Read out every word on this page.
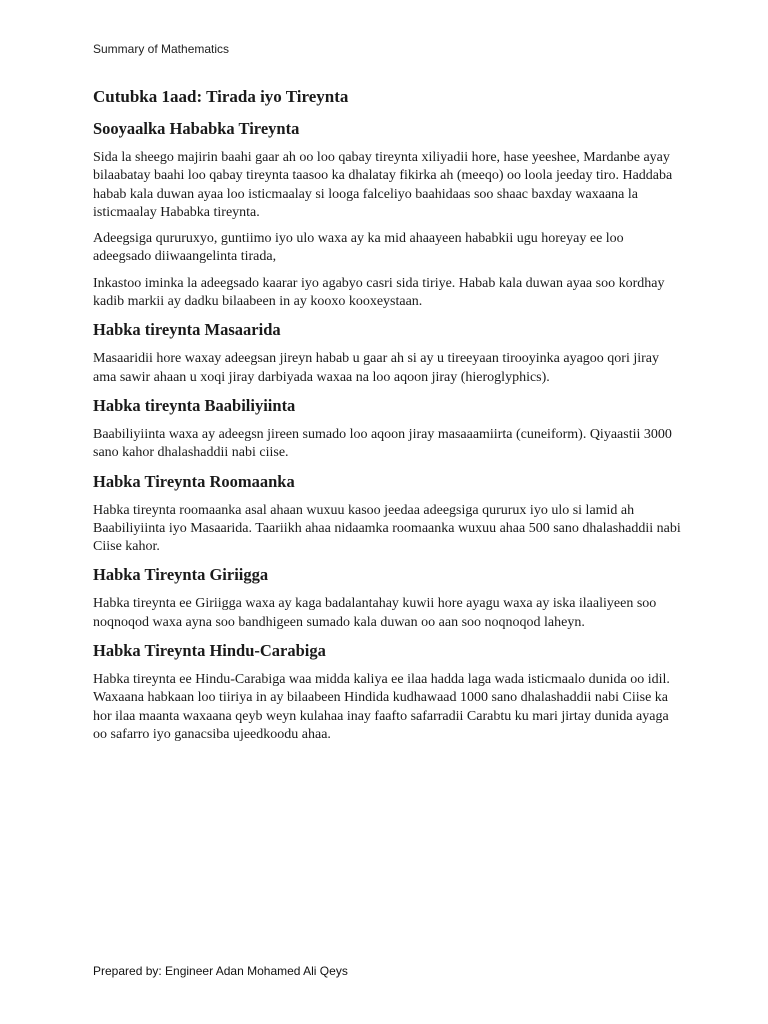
Summary of Mathematics
Cutubka 1aad: Tirada iyo Tireynta
Sooyaalka Hababka Tireynta

Sida la sheego majirin baahi gaar ah oo loo qabay tireynta xiliyadii hore, hase yeeshee, Mardanbe ayay bilaabatay baahi loo qabay tireynta taasoo ka dhalatay fikirka ah (meeqo) oo loola jeeday tiro. Haddaba habab kala duwan ayaa loo isticmaalay si looga falceliyo baahidaas soo shaac baxday waxaana la isticmaalay Hababka tireynta.

Adeegsiga qururuxyo, guntiimo iyo ulo waxa ay ka mid ahaayeen hababkii ugu horeyay ee loo adeegsado diiwaangelinta tirada,

Inkastoo iminka la adeegsado kaarar iyo agabyo casri sida tiriye. Habab kala duwan ayaa soo kordhay kadib markii ay dadku bilaabeen in ay kooxo kooxeystaan.

Habka tireynta Masaarida

Masaaridii hore waxay adeegsan jireyn habab u gaar ah si ay u tireeyaan tirooyinka ayagoo qori jiray ama sawir ahaan u xoqi jiray darbiyada waxaa na loo aqoon jiray (hieroglyphics).

Habka tireynta Baabiliyiinta

Baabiliyiinta waxa ay adeegsn jireen sumado loo aqoon jiray masaaamiirta (cuneiform). Qiyaastii 3000 sano kahor dhalashaddii nabi ciise.

Habka Tireynta Roomaanka

Habka tireynta roomaanka asal ahaan wuxuu kasoo jeedaa adeegsiga qururux iyo ulo si lamid ah Baabiliyiinta iyo Masaarida. Taariikh ahaa nidaamka roomaanka wuxuu ahaa 500 sano dhalashaddii nabi Ciise kahor.

Habka Tireynta Giriigga

Habka tireynta ee Giriigga waxa ay kaga badalantahay kuwii hore ayagu waxa ay iska ilaaliyeen soo noqnoqod waxa ayna soo bandhigeen sumado kala duwan oo aan soo noqnoqod laheyn.

Habka Tireynta Hindu-Carabiga

Habka tireynta ee Hindu-Carabiga waa midda kaliya ee ilaa hadda laga wada isticmaalo dunida oo idil. Waxaana habkaan loo tiiriya in ay bilaabeen Hindida kudhawaad 1000 sano dhalashaddii nabi Ciise ka hor ilaa maanta waxaana qeyb weyn kulahaa inay faafto safarradii Carabtu ku mari jirtay dunida ayaga oo safarro iyo ganacsiba ujeedkoodu ahaa.

Prepared by: Engineer Adan Mohamed Ali Qeys
